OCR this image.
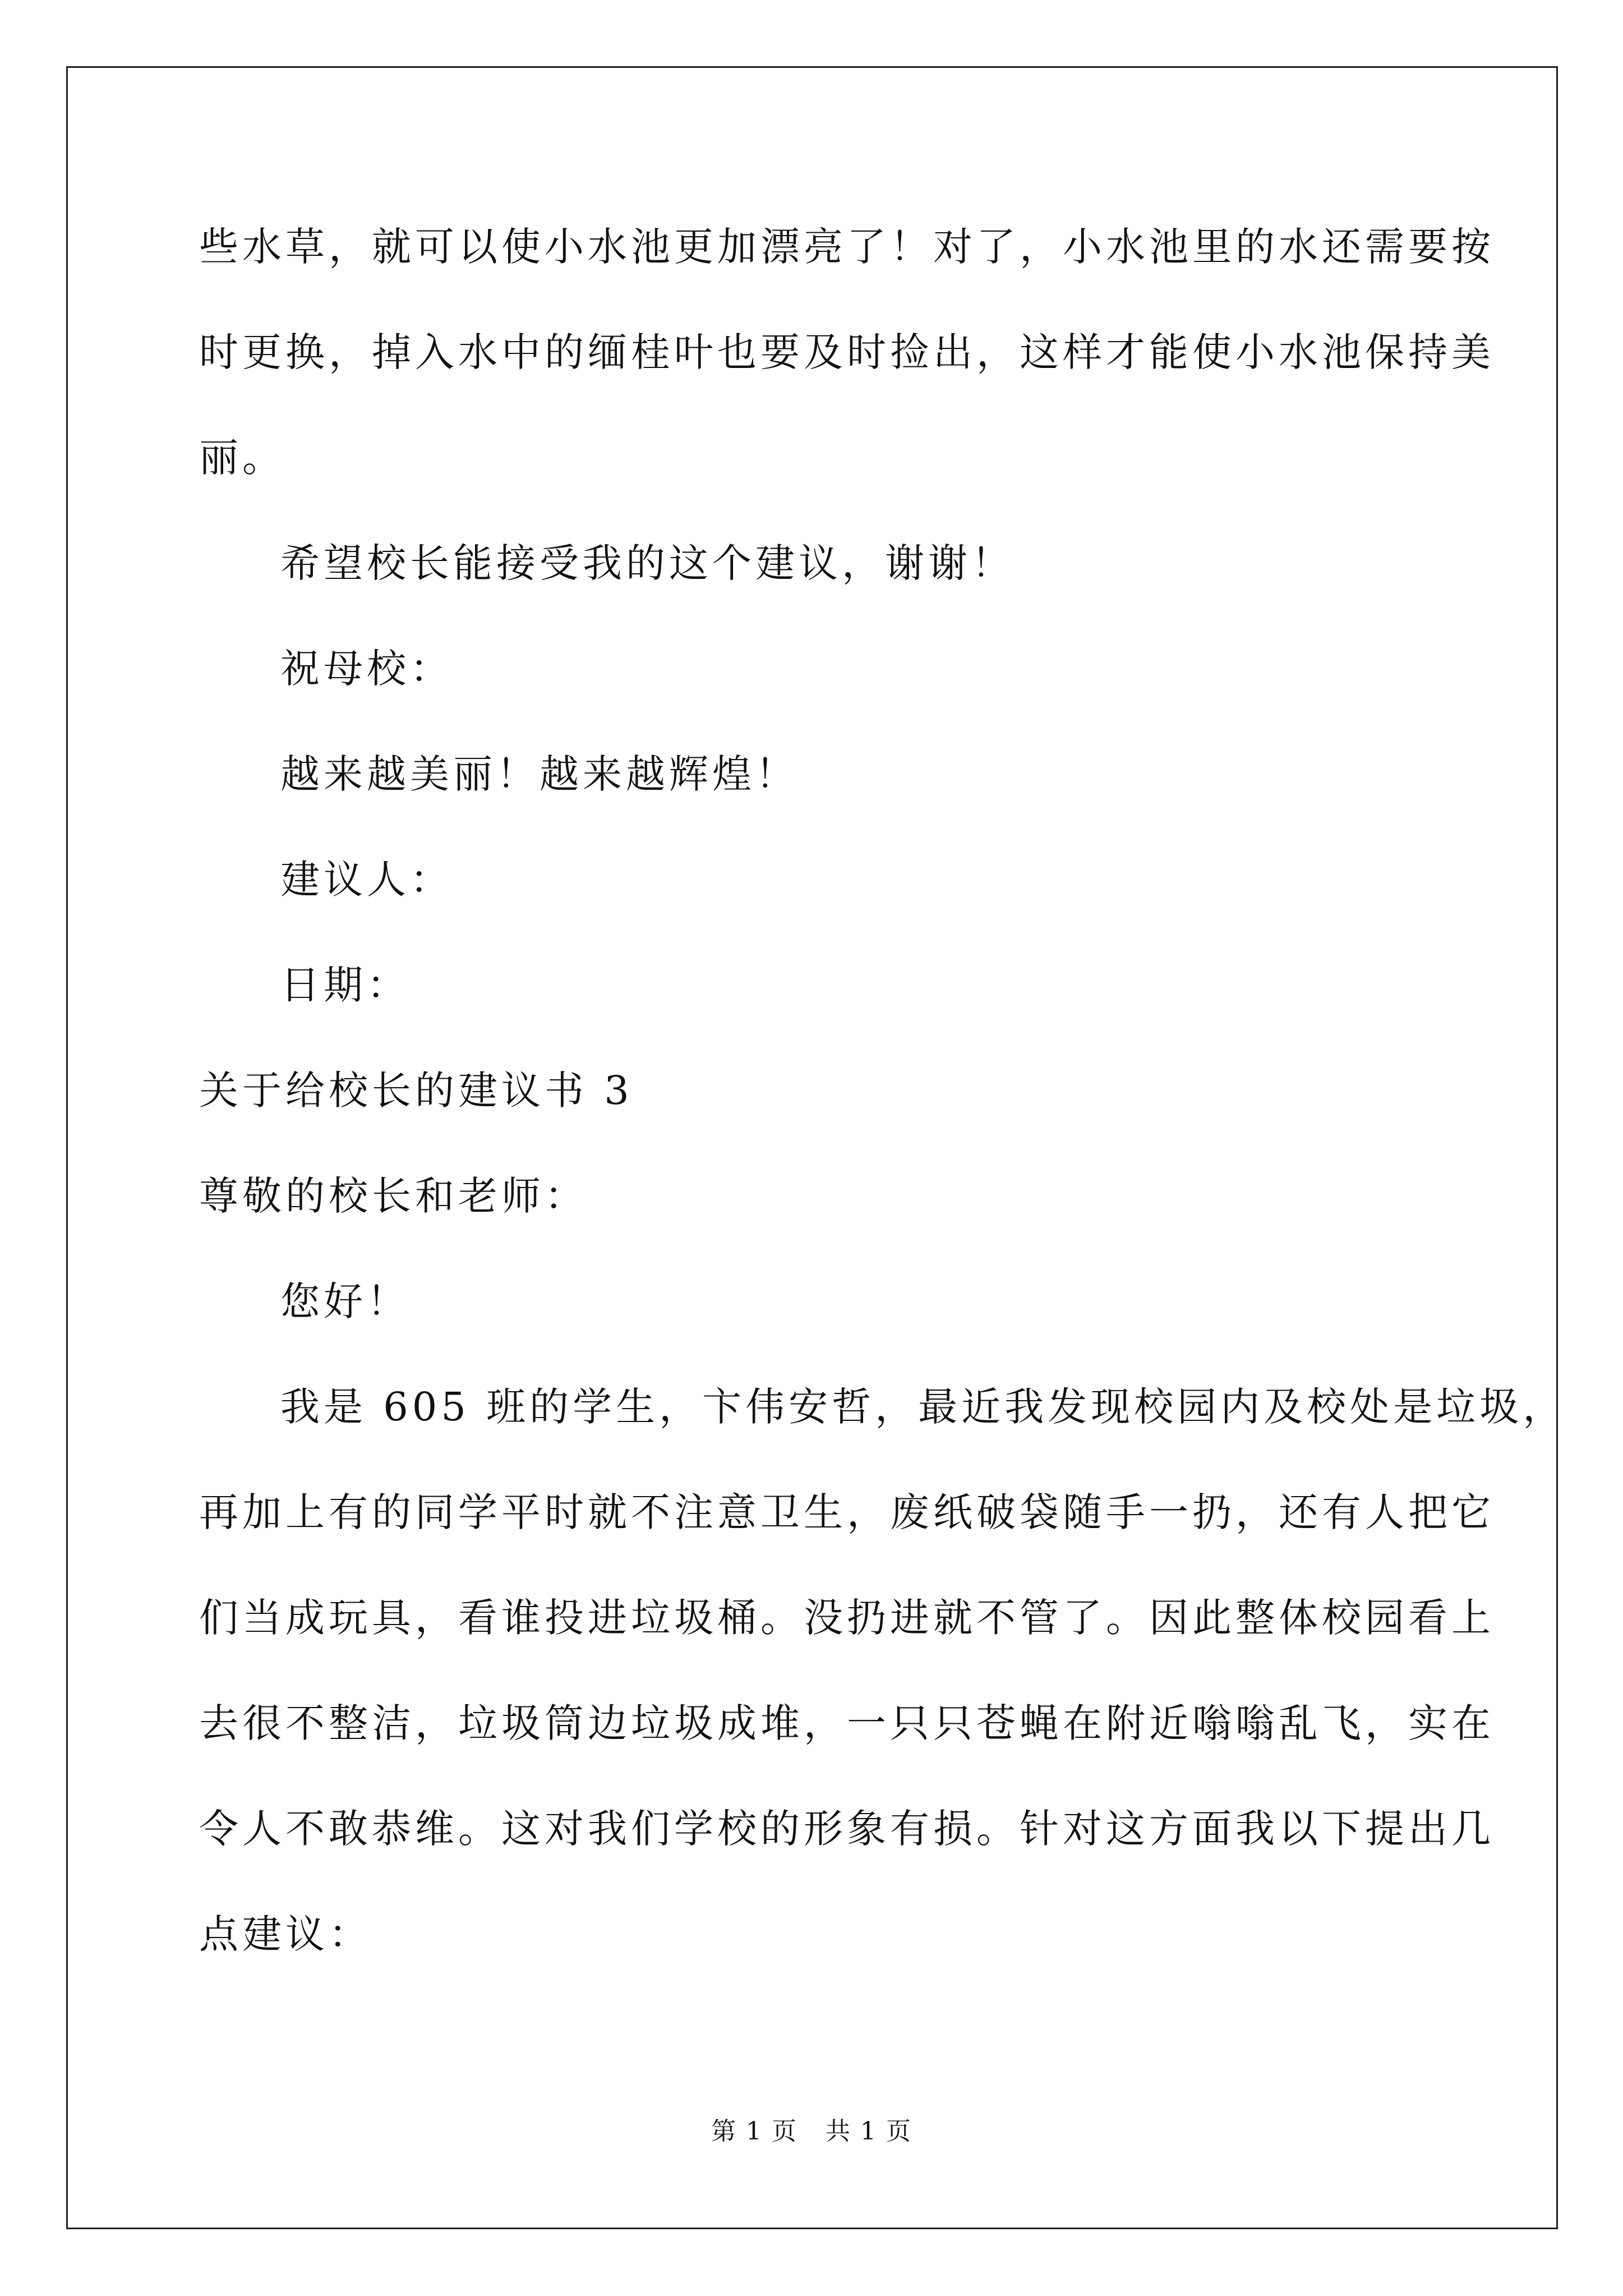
些水草，就可以使小水池更加漂亮了！对了，小水池里的水还需要按
时更换，掉入水中的缅桂叶也要及时捡出，这样才能使小水池保持美
丽。
希望校长能接受我的这个建议，谢谢！
祝母校：
越来越美丽！越来越辉煌！
建议人：
日期：
关于给校长的建议书 3
尊敬的校长和老师：
您好！
我是 605 班的学生，卞伟安哲，最近我发现校园内及校处是垃圾，
再加上有的同学平时就不注意卫生，废纸破袋随手一扔，还有人把它
们当成玩具，看谁投进垃圾桶。没扔进就不管了。因此整体校园看上
去很不整洁，垃圾筒边垃圾成堆，一只只苍蝇在附近嗡嗡乱飞，实在
令人不敢恭维。这对我们学校的形象有损。针对这方面我以下提出几
点建议：
第 1 页 共 1 页
